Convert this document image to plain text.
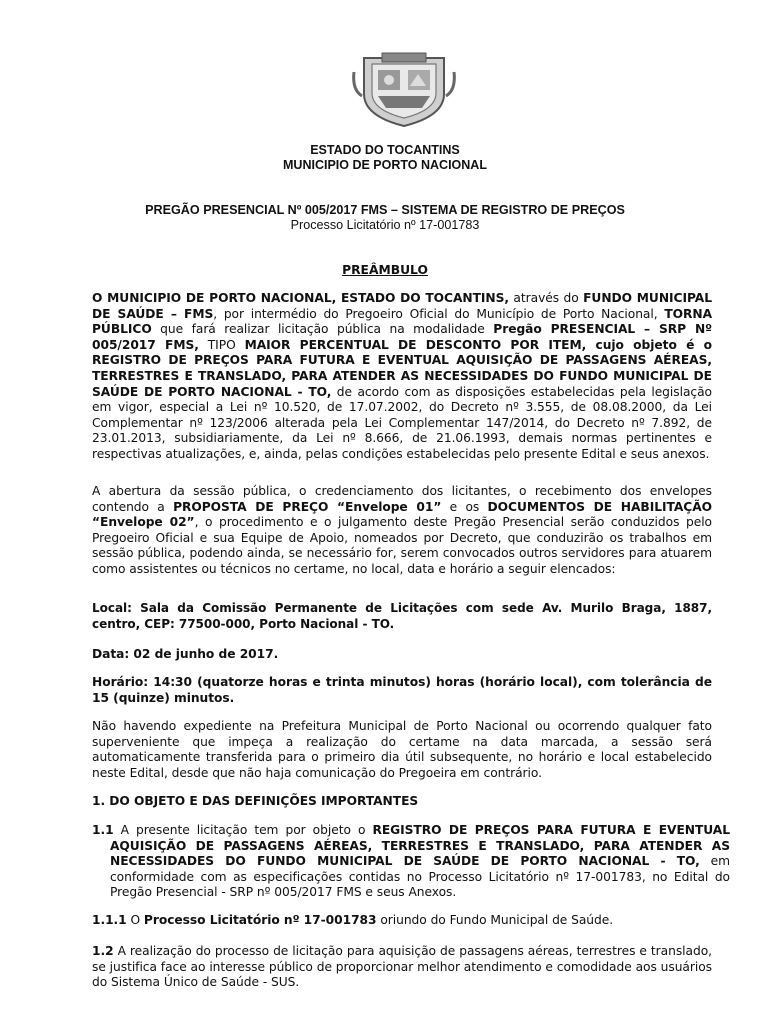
ESTADO DO TOCANTINS
MUNICIPIO DE PORTO NACIONAL
PREGÃO PRESENCIAL Nº 005/2017 FMS – SISTEMA DE REGISTRO DE PREÇOS
Processo Licitatório nº 17-001783
PREÂMBULO
O MUNICIPIO DE PORTO NACIONAL, ESTADO DO TOCANTINS, através do FUNDO MUNICIPAL DE SAÚDE – FMS, por intermédio do Pregoeiro Oficial do Município de Porto Nacional, TORNA PÚBLICO que fará realizar licitação pública na modalidade Pregão PRESENCIAL – SRP Nº 005/2017 FMS, TIPO MAIOR PERCENTUAL DE DESCONTO POR ITEM, cujo objeto é o REGISTRO DE PREÇOS PARA FUTURA E EVENTUAL AQUISIÇÃO DE PASSAGENS AÉREAS, TERRESTRES E TRANSLADO, PARA ATENDER AS NECESSIDADES DO FUNDO MUNICIPAL DE SAÚDE DE PORTO NACIONAL - TO, de acordo com as disposições estabelecidas pela legislação em vigor, especial a Lei nº 10.520, de 17.07.2002, do Decreto nº 3.555, de 08.08.2000, da Lei Complementar nº 123/2006 alterada pela Lei Complementar 147/2014, do Decreto nº 7.892, de 23.01.2013, subsidiariamente, da Lei nº 8.666, de 21.06.1993, demais normas pertinentes e respectivas atualizações, e, ainda, pelas condições estabelecidas pelo presente Edital e seus anexos.
A abertura da sessão pública, o credenciamento dos licitantes, o recebimento dos envelopes contendo a PROPOSTA DE PREÇO “Envelope 01” e os DOCUMENTOS DE HABILITAÇÃO “Envelope 02”, o procedimento e o julgamento deste Pregão Presencial serão conduzidos pelo Pregoeiro Oficial e sua Equipe de Apoio, nomeados por Decreto, que conduzirão os trabalhos em sessão pública, podendo ainda, se necessário for, serem convocados outros servidores para atuarem como assistentes ou técnicos no certame, no local, data e horário a seguir elencados:
Local: Sala da Comissão Permanente de Licitações com sede Av. Murilo Braga, 1887, centro, CEP: 77500-000, Porto Nacional - TO.
Data: 02 de junho de 2017.
Horário: 14:30 (quatorze horas e trinta minutos) horas (horário local), com tolerância de 15 (quinze) minutos.
Não havendo expediente na Prefeitura Municipal de Porto Nacional ou ocorrendo qualquer fato superveniente que impeça a realização do certame na data marcada, a sessão será automaticamente transferida para o primeiro dia útil subsequente, no horário e local estabelecido neste Edital, desde que não haja comunicação do Pregoeira em contrário.
1. DO OBJETO E DAS DEFINIÇÕES IMPORTANTES
1.1 A presente licitação tem por objeto o REGISTRO DE PREÇOS PARA FUTURA E EVENTUAL AQUISIÇÃO DE PASSAGENS AÉREAS, TERRESTRES E TRANSLADO, PARA ATENDER AS NECESSIDADES DO FUNDO MUNICIPAL DE SAÚDE DE PORTO NACIONAL - TO, em conformidade com as especificações contidas no Processo Licitatório nº 17-001783, no Edital do Pregão Presencial - SRP nº 005/2017 FMS e seus Anexos.
1.1.1 O Processo Licitatório nº 17-001783 oriundo do Fundo Municipal de Saúde.
1.2 A realização do processo de licitação para aquisição de passagens aéreas, terrestres e translado, se justifica face ao interesse público de proporcionar melhor atendimento e comodidade aos usuários do Sistema Único de Saúde - SUS.
